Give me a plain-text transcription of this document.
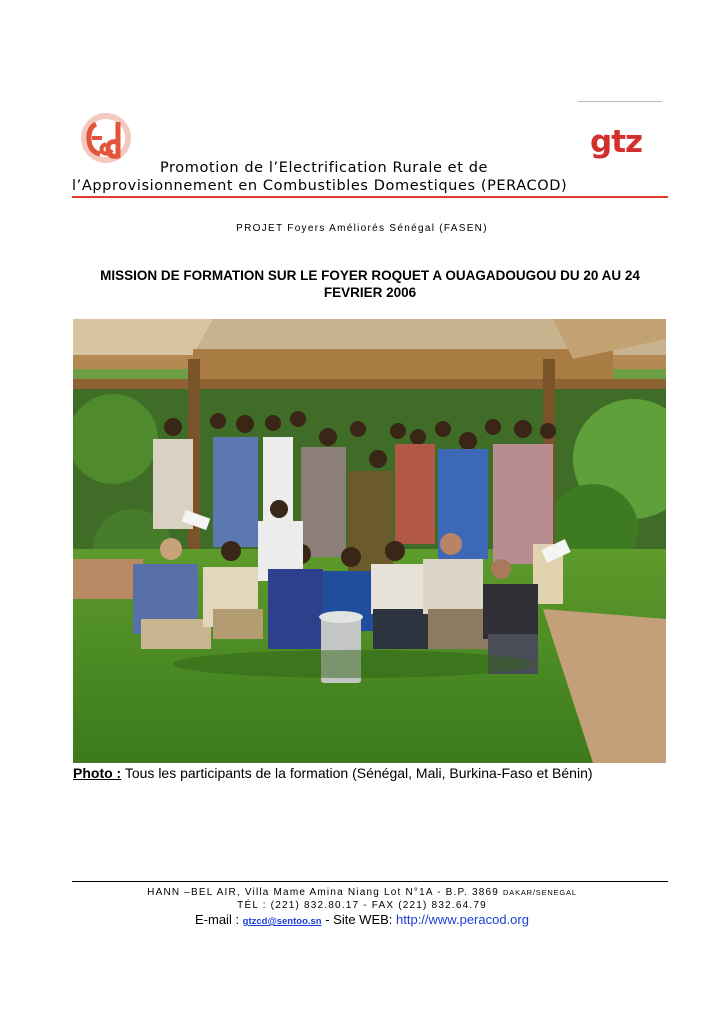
gtz
Promotion de l’Electrification Rurale et de
l’Approvisionnement en Combustibles Domestiques (PERACOD)
PROJET Foyers Améliorés Sénégal (FASEN)
MISSION DE FORMATION SUR LE FOYER ROQUET A OUAGADOUGOU DU 20 AU 24 FEVRIER 2006
Photo : Tous les participants de la formation (Sénégal, Mali, Burkina-Faso et Bénin)
HANN –BEL AIR, Villa Mame Amina Niang Lot N°1A - B.P. 3869 DAKAR/SENEGAL
TÉL : (221) 832.80.17 - FAX (221) 832.64.79
E-mail : gtzcd@sentoo.sn - Site WEB: http://www.peracod.org
